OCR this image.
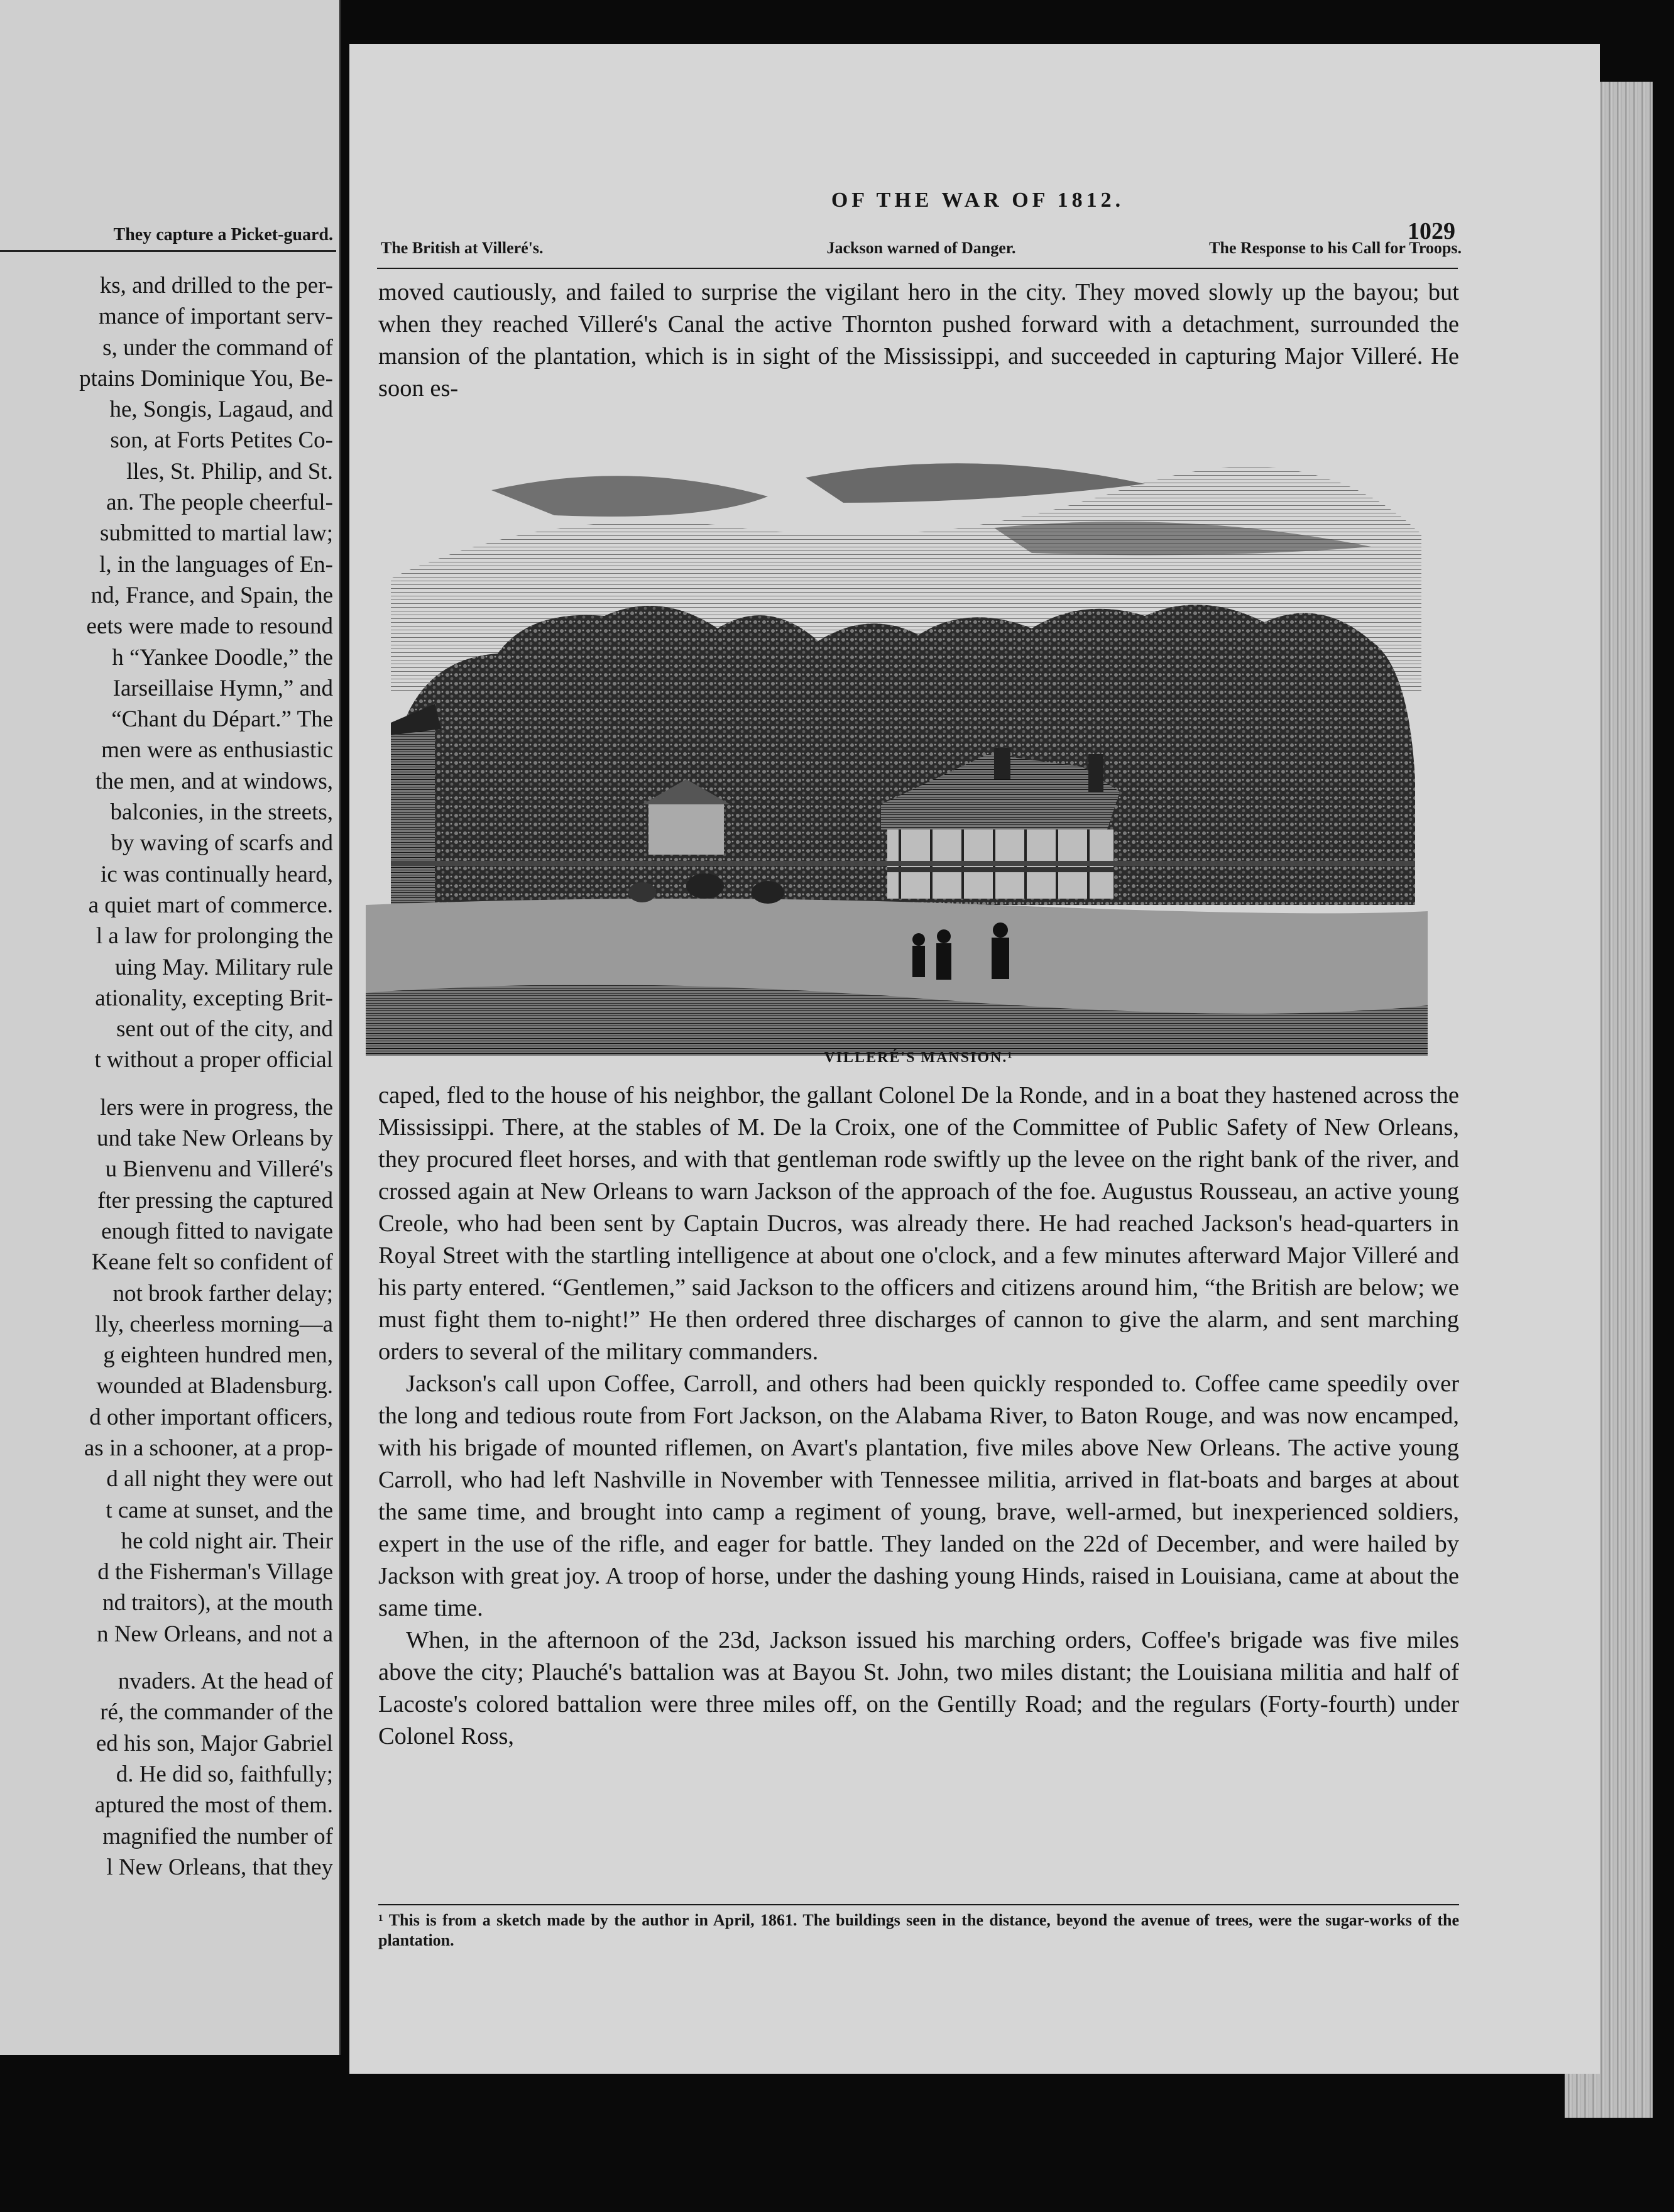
They capture a Picket-guard.
ks, and drilled to the per-
mance of important serv-
s, under the command of
ptains Dominique You, Be-
he, Songis, Lagaud, and
son, at Forts Petites Co-
lles, St. Philip, and St.
an. The people cheerful-
submitted to martial law;
l, in the languages of En-
nd, France, and Spain, the
eets were made to resound
h “Yankee Doodle,” the
Iarseillaise Hymn,” and
“Chant du Départ.” The
men were as enthusiastic
the men, and at windows,
balconies, in the streets,
by waving of scarfs and
ic was continually heard,
a quiet mart of commerce.
l a law for prolonging the
uing May. Military rule
ationality, excepting Brit-
sent out of the city, and
t without a proper official
lers were in progress, the
und take New Orleans by
u Bienvenu and Villeré's
fter pressing the captured
enough fitted to navigate
Keane felt so confident of
not brook farther delay;
lly, cheerless morning—a
g eighteen hundred men,
wounded at Bladensburg.
d other important officers,
as in a schooner, at a prop-
d all night they were out
t came at sunset, and the
he cold night air. Their
d the Fisherman's Village
nd traitors), at the mouth
n New Orleans, and not a
nvaders. At the head of
ré, the commander of the
ed his son, Major Gabriel
d. He did so, faithfully;
aptured the most of them.
magnified the number of
l New Orleans, that they
OF THE WAR OF 1812.
1029
The British at Villeré's.	Jackson warned of Danger.	The Response to his Call for Troops.

moved cautiously, and failed to surprise the vigilant hero in the city. They moved slowly up the bayou; but when they reached Villeré's Canal the active Thornton pushed forward with a detachment, surrounded the mansion of the plantation, which is in sight of the Mississippi, and succeeded in capturing Major Villeré. He soon es-

VILLERÉ'S MANSION.¹

caped, fled to the house of his neighbor, the gallant Colonel De la Ronde, and in a boat they hastened across the Mississippi. There, at the stables of M. De la Croix, one of the Committee of Public Safety of New Orleans, they procured fleet horses, and with that gentleman rode swiftly up the levee on the right bank of the river, and crossed again at New Orleans to warn Jackson of the approach of the foe. Augustus Rousseau, an active young Creole, who had been sent by Captain Ducros, was already there. He had reached Jackson's head-quarters in Royal Street with the startling intelligence at about one o'clock, and a few minutes afterward Major Villeré and his party entered. “Gentlemen,” said Jackson to the officers and citizens around him, “the British are below; we must fight them to-night!” He then ordered three discharges of cannon to give the alarm, and sent marching orders to several of the military commanders.

Jackson's call upon Coffee, Carroll, and others had been quickly responded to. Coffee came speedily over the long and tedious route from Fort Jackson, on the Alabama River, to Baton Rouge, and was now encamped, with his brigade of mounted riflemen, on Avart's plantation, five miles above New Orleans. The active young Carroll, who had left Nashville in November with Tennessee militia, arrived in flat-boats and barges at about the same time, and brought into camp a regiment of young, brave, well-armed, but inexperienced soldiers, expert in the use of the rifle, and eager for battle. They landed on the 22d of December, and were hailed by Jackson with great joy. A troop of horse, under the dashing young Hinds, raised in Louisiana, came at about the same time.

When, in the afternoon of the 23d, Jackson issued his marching orders, Coffee's brigade was five miles above the city; Plauché's battalion was at Bayou St. John, two miles distant; the Louisiana militia and half of Lacoste's colored battalion were three miles off, on the Gentilly Road; and the regulars (Forty-fourth) under Colonel Ross,

¹ This is from a sketch made by the author in April, 1861. The buildings seen in the distance, beyond the avenue of trees, were the sugar-works of the plantation.
